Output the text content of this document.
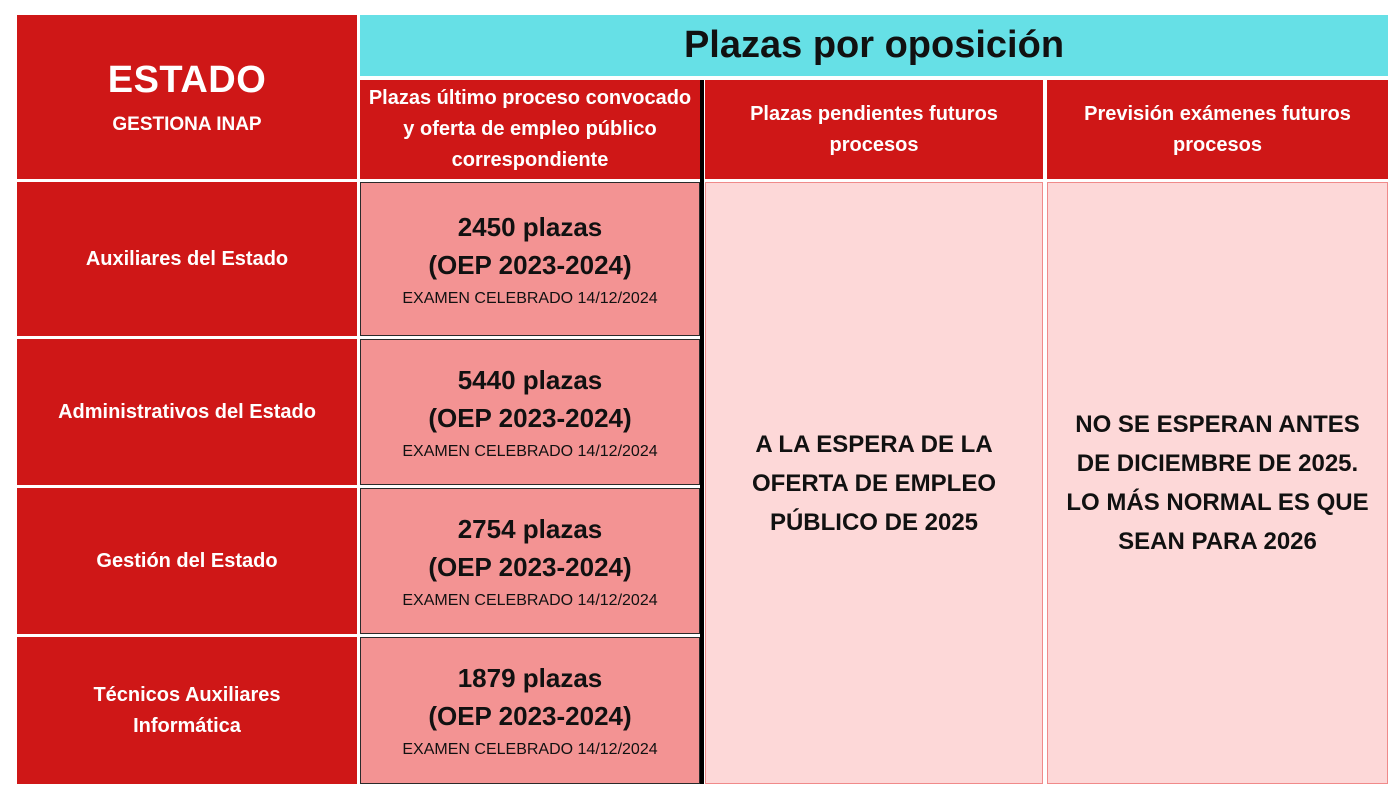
ESTADO
GESTIONA INAP
Plazas por oposición
Plazas último proceso convocado y oferta de empleo público correspondiente
Plazas pendientes futuros procesos
Previsión exámenes futuros procesos
Auxiliares del Estado
Administrativos del Estado
Gestión del Estado
Técnicos Auxiliares Informática
2450 plazas
(OEP 2023-2024)
EXAMEN CELEBRADO 14/12/2024
5440 plazas
(OEP 2023-2024)
EXAMEN CELEBRADO 14/12/2024
2754 plazas
(OEP 2023-2024)
EXAMEN CELEBRADO 14/12/2024
1879 plazas
(OEP 2023-2024)
EXAMEN CELEBRADO 14/12/2024
A LA ESPERA DE LA OFERTA DE EMPLEO PÚBLICO DE 2025
NO SE ESPERAN ANTES DE DICIEMBRE DE 2025. LO MÁS NORMAL ES QUE SEAN PARA 2026
